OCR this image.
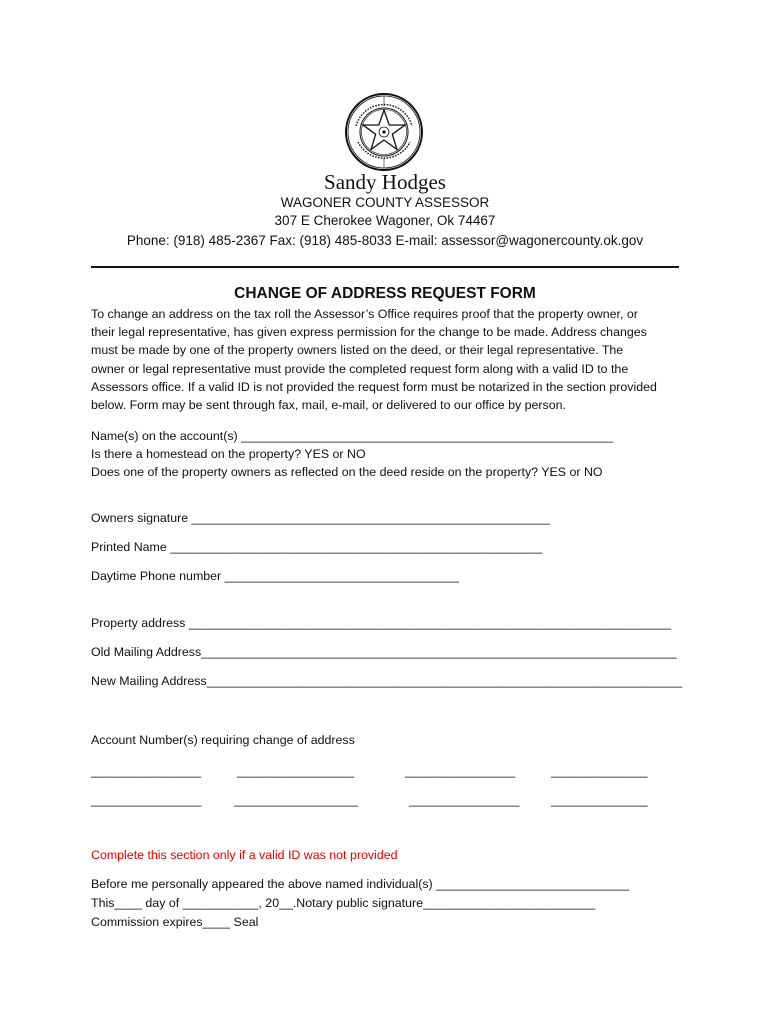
Sandy Hodges
WAGONER COUNTY ASSESSOR
307 E Cherokee Wagoner, Ok 74467
Phone: (918) 485-2367 Fax: (918) 485-8033 E-mail: assessor@wagonercounty.ok.gov
CHANGE OF ADDRESS REQUEST FORM
To change an address on the tax roll the Assessor’s Office requires proof that the property owner, or
their legal representative, has given express permission for the change to be made. Address changes
must be made by one of the property owners listed on the deed, or their legal representative. The
owner or legal representative must provide the completed request form along with a valid ID to the
Assessors office. If a valid ID is not provided the request form must be notarized in the section provided
below. Form may be sent through fax, mail, e-mail, or delivered to our office by person.
Name(s) on the account(s) ______________________________________________________
Is there a homestead on the property? YES or NO
Does one of the property owners as reflected on the deed reside on the property? YES or NO
Owners signature ____________________________________________________
Printed Name ______________________________________________________
Daytime Phone number __________________________________
Property address ______________________________________________________________________
Old Mailing Address_____________________________________________________________________
New Mailing Address_____________________________________________________________________
Account Number(s) requiring change of address
________________	_________________	________________	______________
________________	__________________	________________	______________
Complete this section only if a valid ID was not provided
Before me personally appeared the above named individual(s) ____________________________
This____ day of ___________, 20__.Notary public signature_________________________
Commission expires____ Seal
